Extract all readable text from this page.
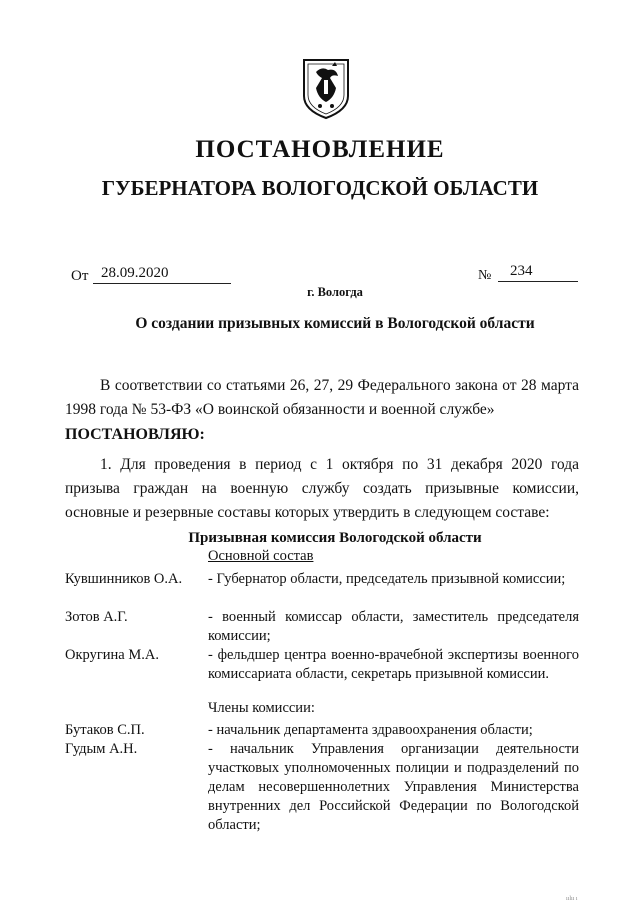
ПОСТАНОВЛЕНИЕ
ГУБЕРНАТОРА ВОЛОГОДСКОЙ ОБЛАСТИ
От 28.09.2020	№	234
г. Вологда
О создании призывных комиссий в Вологодской области
В соответствии со статьями 26, 27, 29 Федерального закона от 28 марта 1998 года № 53-ФЗ «О воинской обязанности и военной службе»
ПОСТАНОВЛЯЮ:
1. Для проведения в период с 1 октября по 31 декабря 2020 года призыва граждан на военную службу создать призывные комиссии, основные и резервные составы которых утвердить в следующем составе:
Призывная комиссия Вологодской области
Основной состав
Кувшинников О.А.	- Губернатор области, председатель призывной комиссии;
Зотов А.Г.	- военный комиссар области, заместитель председателя комиссии;
Округина М.А.	- фельдшер центра военно-врачебной экспертизы военного комиссариата области, секретарь призывной комиссии.
Члены комиссии:
Бутаков С.П.	- начальник департамента здравоохранения области;
Гудым А.Н.	- начальник Управления организации деятельности участковых уполномоченных полиции и подразделений по делам несовершеннолетних Управления Министерства внутренних дел Российской Федерации по Вологодской области;
ıılıı ı
